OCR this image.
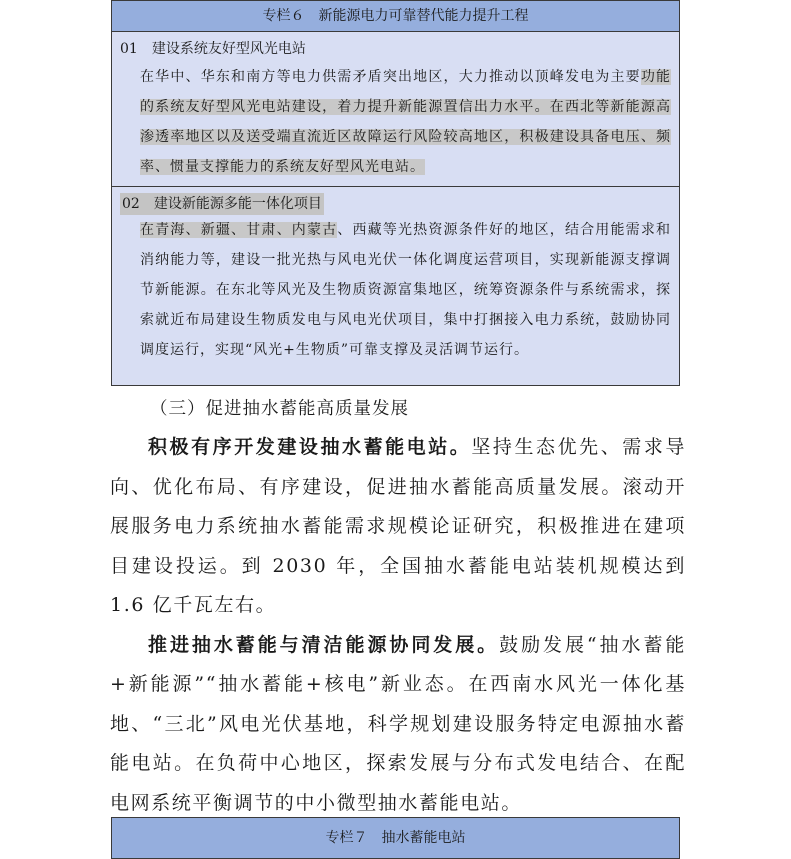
专栏６　新能源电力可靠替代能力提升工程
01　建设系统友好型风光电站
在华中、华东和南方等电力供需矛盾突出地区，大力推动以顶峰发电为主要功能的系统友好型风光电站建设，着力提升新能源置信出力水平。在西北等新能源高渗透率地区以及送受端直流近区故障运行风险较高地区，积极建设具备电压、频率、惯量支撑能力的系统友好型风光电站。
02　建设新能源多能一体化项目
在青海、新疆、甘肃、内蒙古、西藏等光热资源条件好的地区，结合用能需求和消纳能力等，建设一批光热与风电光伏一体化调度运营项目，实现新能源支撑调节新能源。在东北等风光及生物质资源富集地区，统筹资源条件与系统需求，探索就近布局建设生物质发电与风电光伏项目，集中打捆接入电力系统，鼓励协同调度运行，实现“风光+生物质”可靠支撑及灵活调节运行。
（三）促进抽水蓄能高质量发展

积极有序开发建设抽水蓄能电站。坚持生态优先、需求导向、优化布局、有序建设，促进抽水蓄能高质量发展。滚动开展服务电力系统抽水蓄能需求规模论证研究，积极推进在建项目建设投运。到 2030 年，全国抽水蓄能电站装机规模达到 1.6 亿千瓦左右。

推进抽水蓄能与清洁能源协同发展。鼓励发展“抽水蓄能+新能源”“抽水蓄能+核电”新业态。在西南水风光一体化基地、“三北”风电光伏基地，科学规划建设服务特定电源抽水蓄能电站。在负荷中心地区，探索发展与分布式发电结合、在配电网系统平衡调节的中小微型抽水蓄能电站。

专栏７　抽水蓄能电站
